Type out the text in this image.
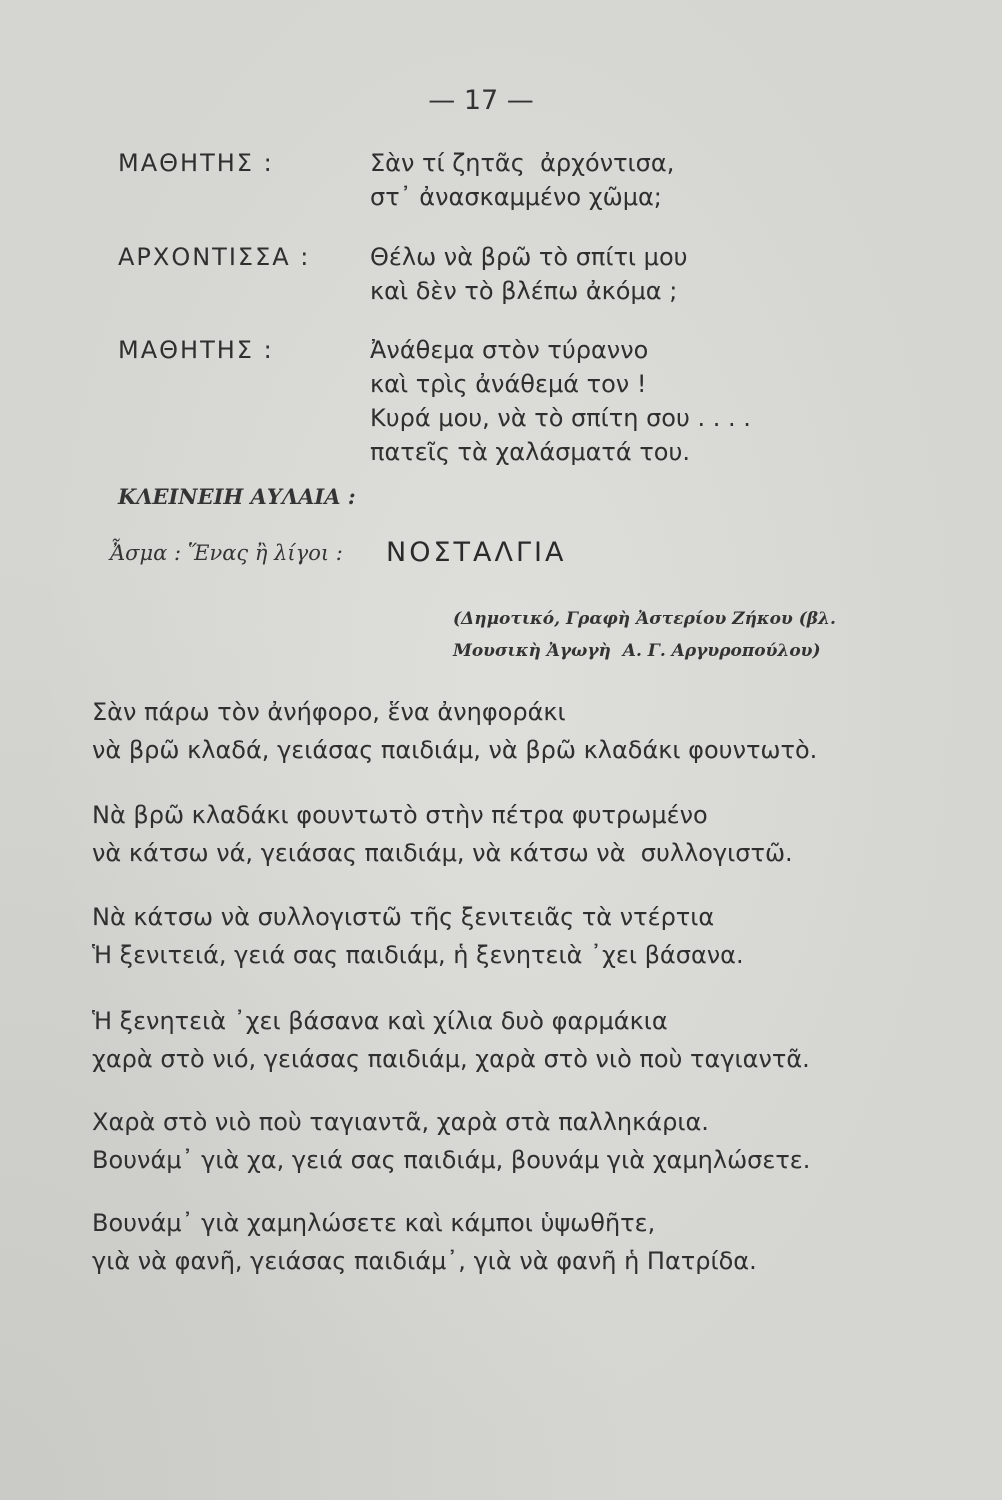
— 17 —
ΜΑΘΗΤΗΣ :	Σὰν τί ζητᾶς  ἀρχόντισα,
στ᾿ ἀνασκαμμένο χῶμα;
ΑΡΧΟΝΤΙΣΣΑ : Θέλω νὰ βρῶ τὸ σπίτι μου
καὶ δὲν τὸ βλέπω ἀκόμα ;
ΜΑΘΗΤΗΣ :	Ἀνάθεμα στὸν τύραννο
καὶ τρὶς ἀνάθεμά τον !
Κυρά μου, νὰ τὸ σπίτη σου . . . .
πατεῖς τὰ χαλάσματά του.
ΚΛΕΙΝΕΙΗ ΑΥΛΑΙΑ :
Ἆσμα : Ἕνας ἢ λίγοι : ΝΟΣΤΑΛΓΙΑ
(Δημοτικό, Γραφὴ Ἀστερίου Ζήκου (βλ.
Μουσικὴ Ἀγωγὴ  Α. Γ. Αργυροπούλου)
Σὰν πάρω τὸν ἀνήφορο, ἕνα ἀνηφοράκι
νὰ βρῶ κλαδά, γειάσας παιδιάμ, νὰ βρῶ κλαδάκι φουντωτὸ.
Νὰ βρῶ κλαδάκι φουντωτὸ στὴν πέτρα φυτρωμένο
νὰ κάτσω νά, γειάσας παιδιάμ, νὰ κάτσω νὰ  συλλογιστῶ.
Νὰ κάτσω νὰ συλλογιστῶ τῆς ξενιτειᾶς τὰ ντέρτια
Ἡ ξενιτειά, γειά σας παιδιάμ, ἡ ξενητειὰ ᾿χει βάσανα.
Ἡ ξενητειὰ ᾿χει βάσανα καὶ χίλια δυὸ φαρμάκια
χαρὰ στὸ νιό, γειάσας παιδιάμ, χαρὰ στὸ νιὸ ποὺ ταγιαντᾶ.
Χαρὰ στὸ νιὸ ποὺ ταγιαντᾶ, χαρὰ στὰ παλληκάρια.
Βουνάμ᾿ γιὰ χα, γειά σας παιδιάμ, βουνάμ γιὰ χαμηλώσετε.
Βουνάμ᾿ γιὰ χαμηλώσετε καὶ κάμποι ὑψωθῆτε,
γιὰ νὰ φανῆ, γειάσας παιδιάμ᾿, γιὰ νὰ φανῆ ἡ Πατρίδα.
